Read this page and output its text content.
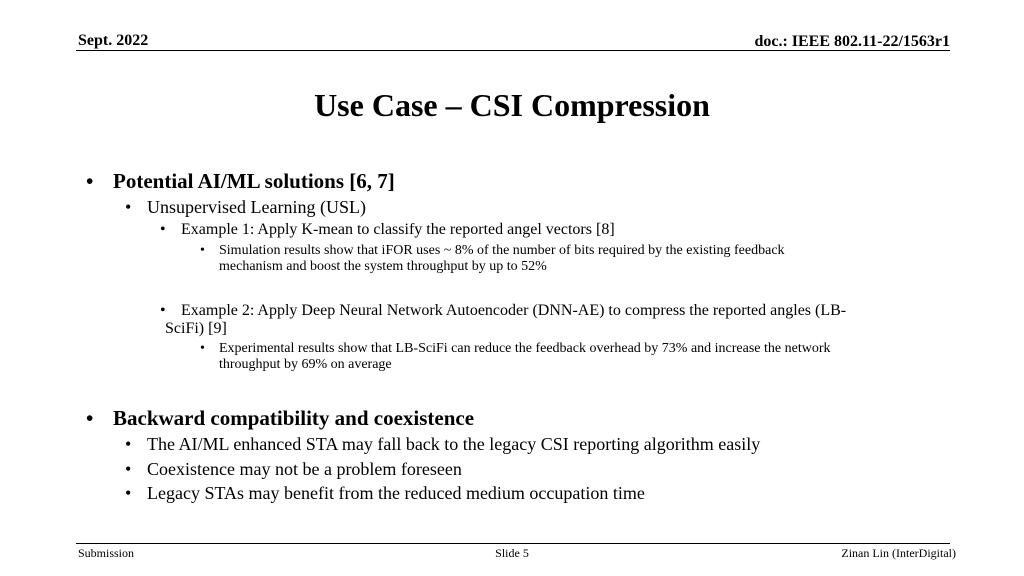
Sept. 2022	doc.: IEEE 802.11-22/1563r1
Use Case – CSI Compression
• Potential AI/ML solutions [6, 7]
• Unsupervised Learning (USL)
• Example 1: Apply K-mean to classify the reported angel vectors [8]
• Simulation results show that iFOR uses ~ 8% of the number of bits required by the existing feedback
mechanism and boost the system throughput by up to 52%
• Example 2: Apply Deep Neural Network Autoencoder (DNN-AE) to compress the reported angles (LB-
SciFi) [9]
• Experimental results show that LB-SciFi can reduce the feedback overhead by 73% and increase the network
throughput by 69% on average
• Backward compatibility and coexistence
• The AI/ML enhanced STA may fall back to the legacy CSI reporting algorithm easily
• Coexistence may not be a problem foreseen
• Legacy STAs may benefit from the reduced medium occupation time
Submission	Slide 5	Zinan Lin (InterDigital)
